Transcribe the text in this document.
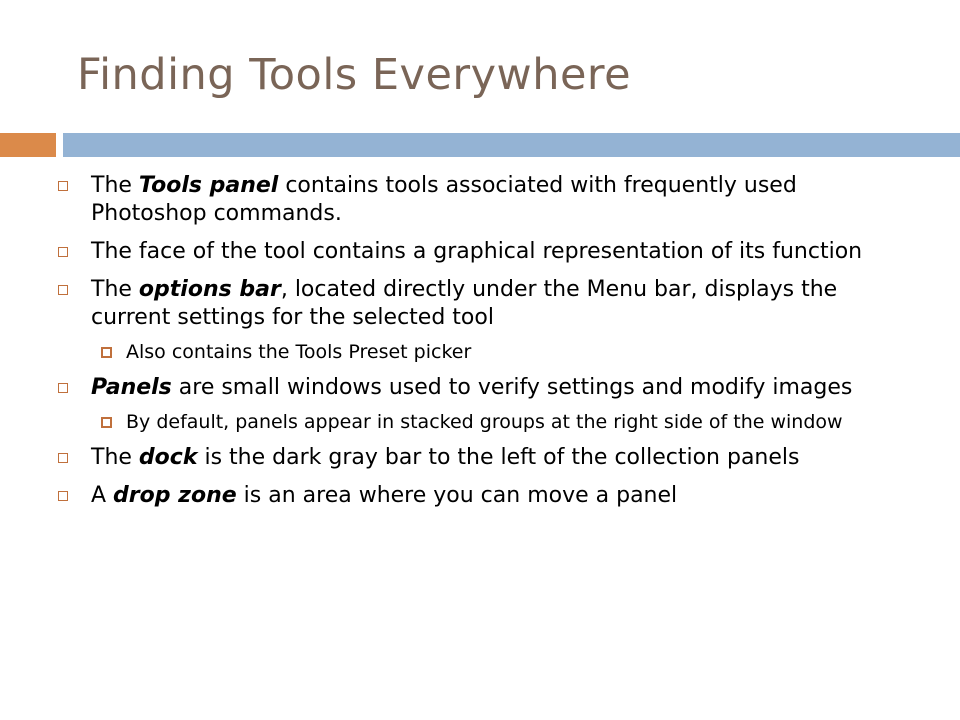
Finding Tools Everywhere
The Tools panel contains tools associated with frequently used Photoshop commands.
The face of the tool contains a graphical representation of its function
The options bar, located directly under the Menu bar, displays the current settings for the selected tool
Also contains the Tools Preset picker
Panels are small windows used to verify settings and modify images
By default, panels appear in stacked groups at the right side of the window
The dock is the dark gray bar to the left of the collection panels
A drop zone is an area where you can move a panel
